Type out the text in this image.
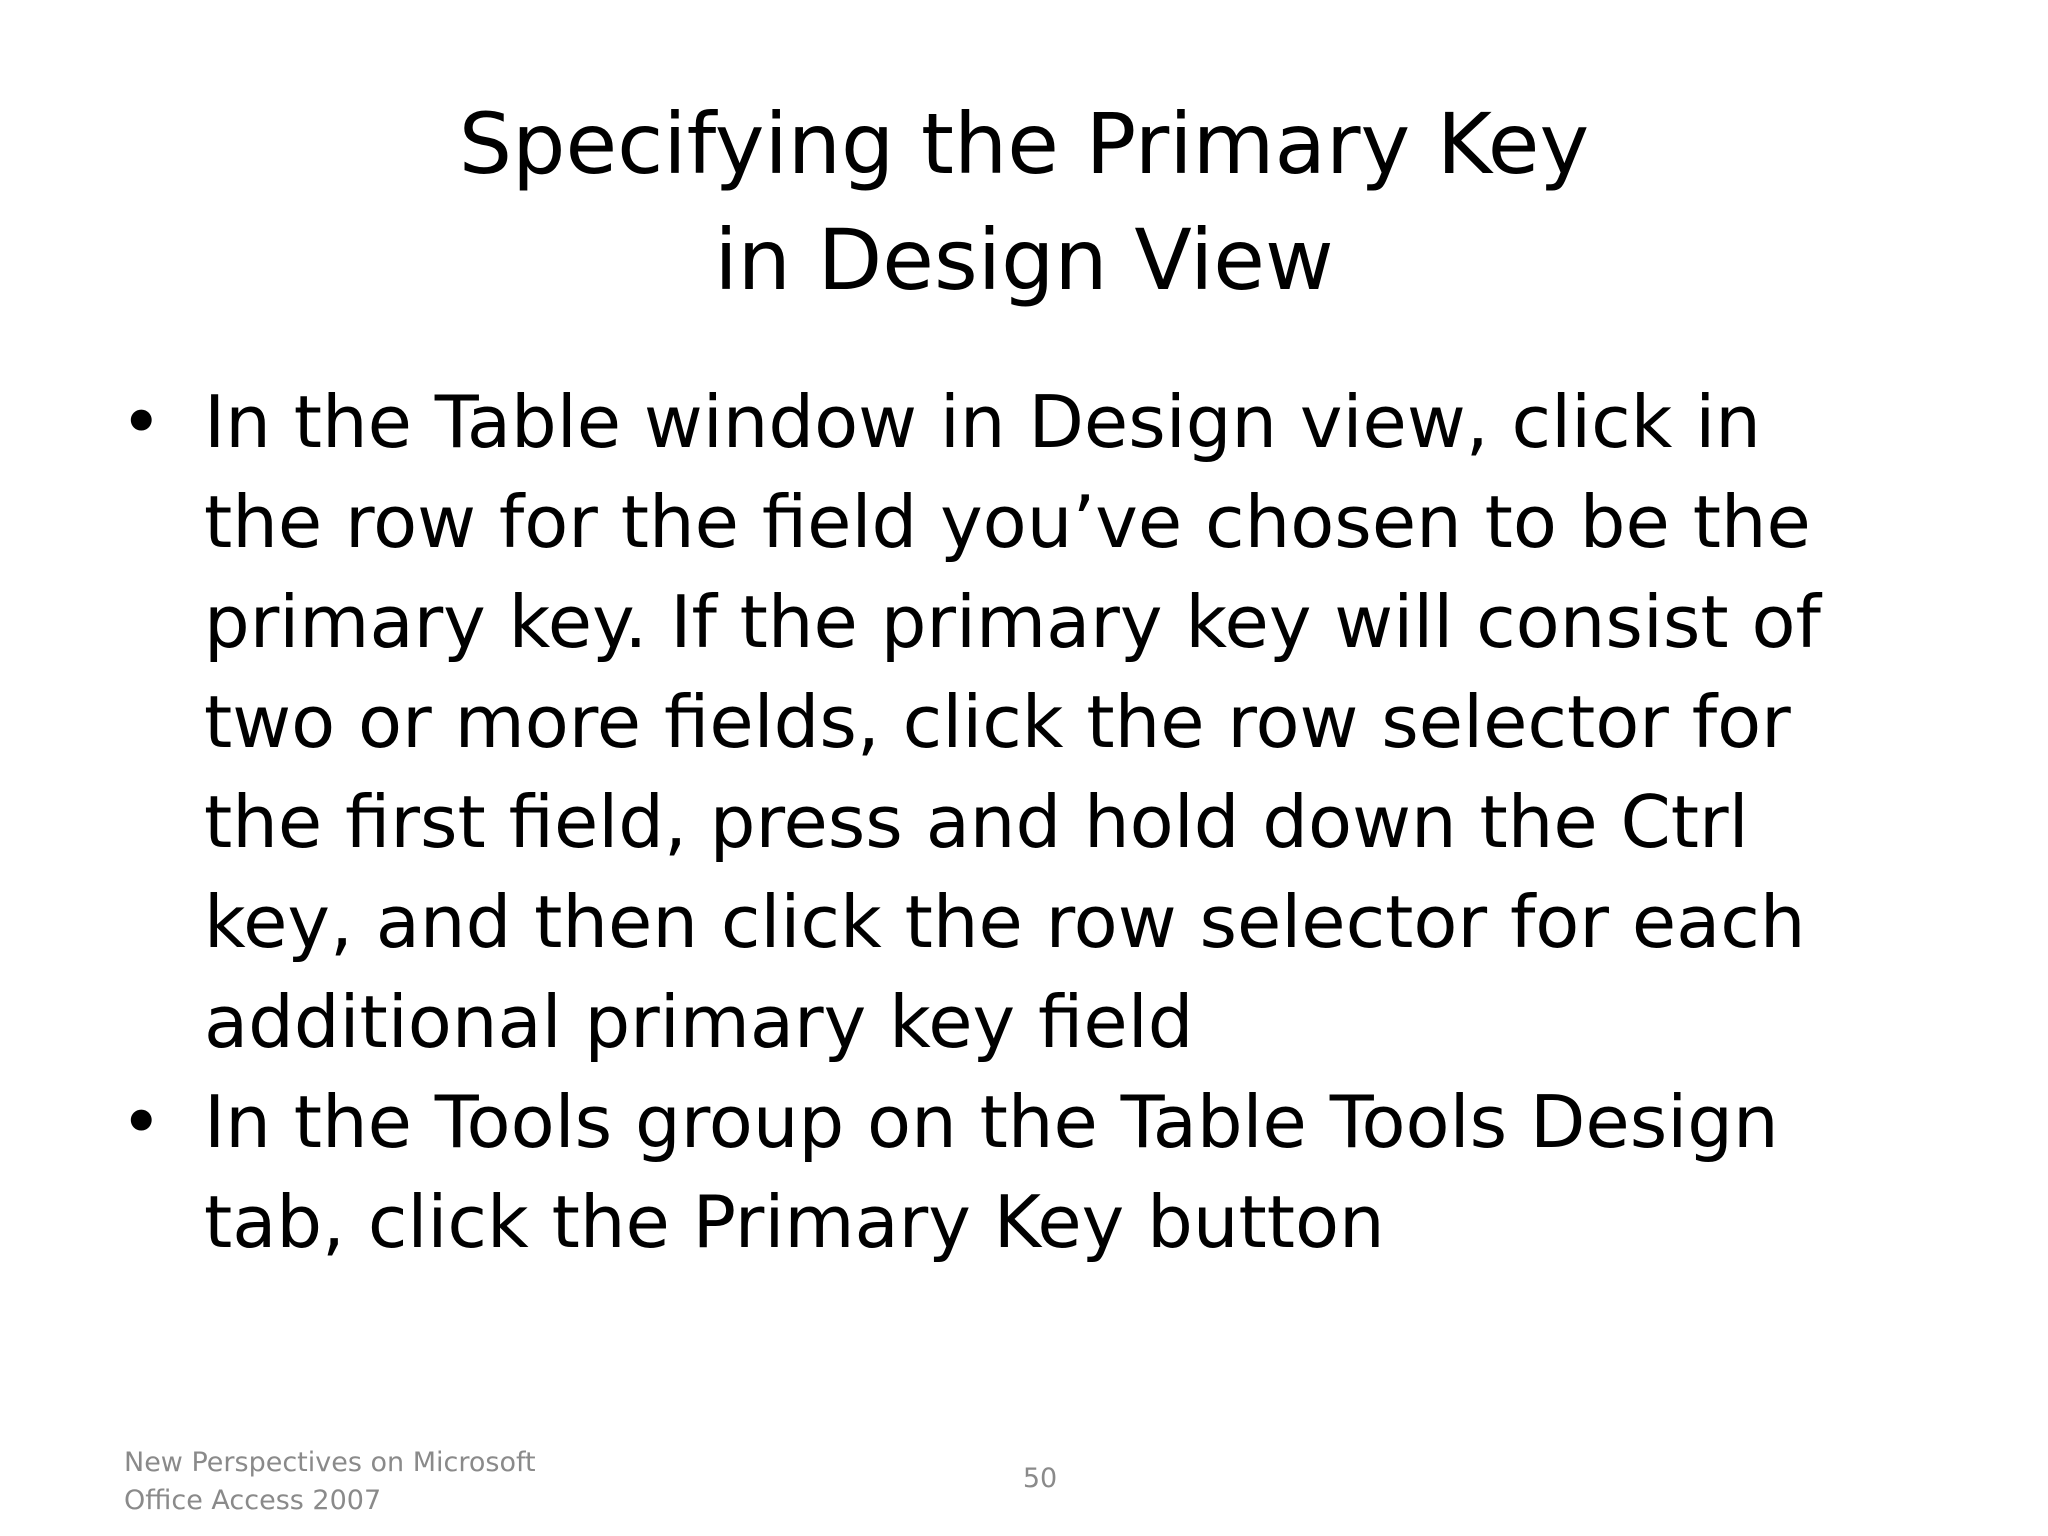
Specifying the Primary Key
in Design View
• In the Table window in Design view, click in
the row for the field you’ve chosen to be the
primary key. If the primary key will consist of
two or more fields, click the row selector for
the first field, press and hold down the Ctrl
key, and then click the row selector for each
additional primary key field
• In the Tools group on the Table Tools Design
tab, click the Primary Key button
New Perspectives on Microsoft
Office Access 2007
50
